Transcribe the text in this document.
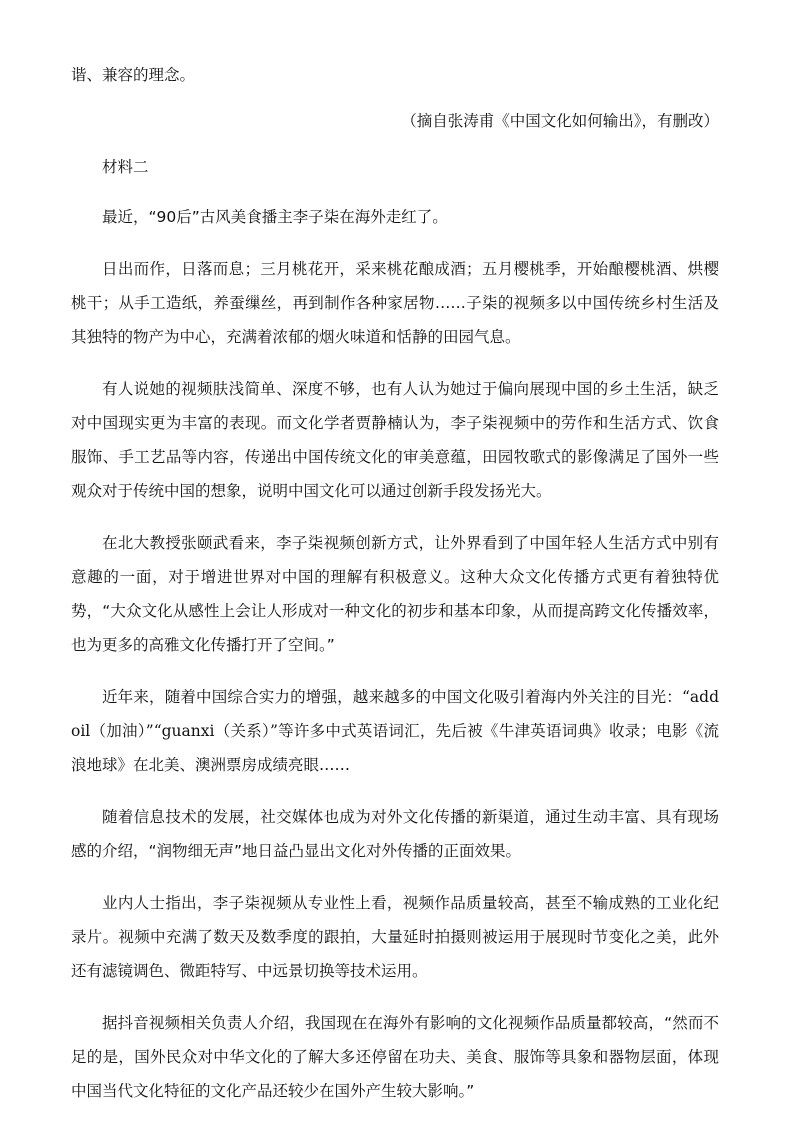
谐、兼容的理念。

（摘自张涛甫《中国文化如何输出》，有删改）

材料二

最近，“90后”古风美食播主李子柒在海外走红了。

日出而作，日落而息；三月桃花开，采来桃花酿成酒；五月樱桃季，开始酿樱桃酒、烘樱桃干；从手工造纸，养蚕缫丝，再到制作各种家居物……子柒的视频多以中国传统乡村生活及其独特的物产为中心，充满着浓郁的烟火味道和恬静的田园气息。

有人说她的视频肤浅简单、深度不够，也有人认为她过于偏向展现中国的乡土生活，缺乏对中国现实更为丰富的表现。而文化学者贾静楠认为，李子柒视频中的劳作和生活方式、饮食服饰、手工艺品等内容，传递出中国传统文化的审美意蕴，田园牧歌式的影像满足了国外一些观众对于传统中国的想象，说明中国文化可以通过创新手段发扬光大。

在北大教授张颐武看来，李子柒视频创新方式，让外界看到了中国年轻人生活方式中别有意趣的一面，对于增进世界对中国的理解有积极意义。这种大众文化传播方式更有着独特优势，“大众文化从感性上会让人形成对一种文化的初步和基本印象，从而提高跨文化传播效率，也为更多的高雅文化传播打开了空间。”

近年来，随着中国综合实力的增强，越来越多的中国文化吸引着海内外关注的目光：“addoil（加油）”“guanxi（关系）”等许多中式英语词汇，先后被《牛津英语词典》收录；电影《流浪地球》在北美、澳洲票房成绩亮眼……

随着信息技术的发展，社交媒体也成为对外文化传播的新渠道，通过生动丰富、具有现场感的介绍，“润物细无声”地日益凸显出文化对外传播的正面效果。

业内人士指出，李子柒视频从专业性上看，视频作品质量较高，甚至不输成熟的工业化纪录片。视频中充满了数天及数季度的跟拍，大量延时拍摄则被运用于展现时节变化之美，此外还有滤镜调色、微距特写、中远景切换等技术运用。

据抖音视频相关负责人介绍，我国现在在海外有影响的文化视频作品质量都较高，“然而不足的是，国外民众对中华文化的了解大多还停留在功夫、美食、服饰等具象和器物层面，体现中国当代文化特征的文化产品还较少在国外产生较大影响。”
